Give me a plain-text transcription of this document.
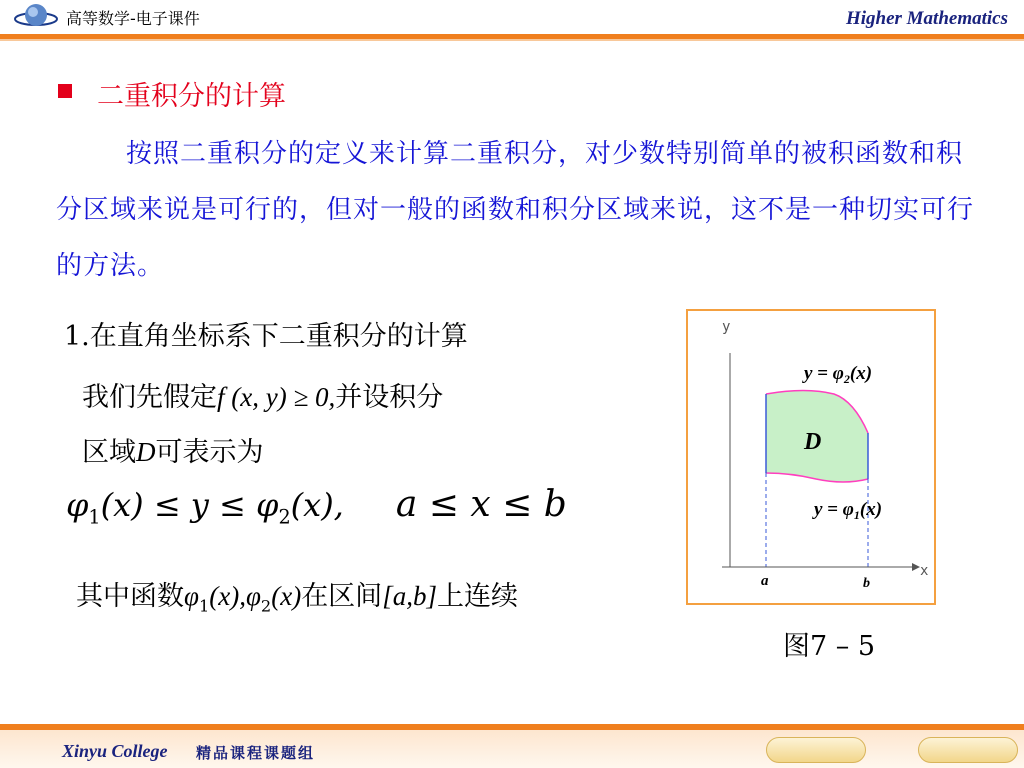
高等数学-电子课件	Higher Mathematics
二重积分的计算
按照二重积分的定义来计算二重积分，对少数特别简单的被积函数和积分区域来说是可行的，但对一般的函数和积分区域来说，这不是一种切实可行的方法。
1.在直角坐标系下二重积分的计算
我们先假定f (x, y) ≥ 0,并设积分
区域D可表示为
$\varphi_1(x) \le y \le \varphi_2(x)$, a ≤ x ≤ b
其中函数$\varphi_1(x),\varphi_2(x)$在区间[a,b]上连续
y
x
$y = \varphi_2(x)$
D
$y = \varphi_1(x)$
a	b
图7 – 5
Xinyu College 精品课程课题组
